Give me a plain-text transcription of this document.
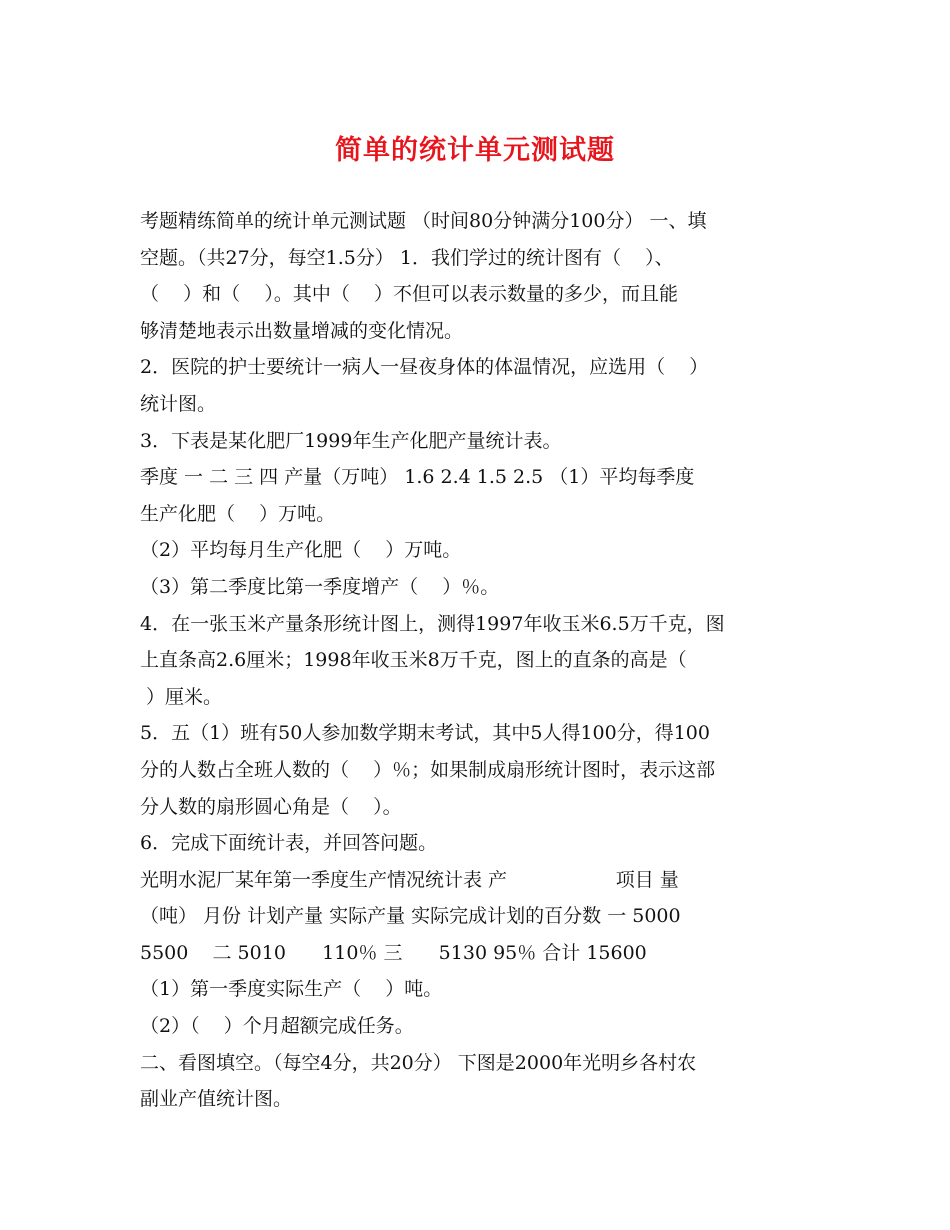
简单的统计单元测试题
考题精练简单的统计单元测试题 （时间80分钟满分100分） 一、填
空题。（共27分，每空1.5分） 1．我们学过的统计图有（    ）、
（    ）和（    ）。其中（    ）不但可以表示数量的多少，而且能
够清楚地表示出数量增减的变化情况。
2．医院的护士要统计一病人一昼夜身体的体温情况，应选用（    ）
统计图。
3．下表是某化肥厂1999年生产化肥产量统计表。
季度 一 二 三 四 产量（万吨） 1.6 2.4 1.5 2.5 （1）平均每季度
生产化肥（    ）万吨。
（2）平均每月生产化肥（    ）万吨。
（3）第二季度比第一季度增产（    ）％。
4．在一张玉米产量条形统计图上，测得1997年收玉米6.5万千克，图
上直条高2.6厘米；1998年收玉米8万千克，图上的直条的高是（
）厘米。
5．五（1）班有50人参加数学期末考试，其中5人得100分，得100
分的人数占全班人数的（    ）％；如果制成扇形统计图时，表示这部
分人数的扇形圆心角是（    ）。
6．完成下面统计表，并回答问题。
光明水泥厂某年第一季度生产情况统计表 产                  项目 量
（吨） 月份 计划产量 实际产量 实际完成计划的百分数 一 5000
5500    二 5010      110％ 三      5130 95％ 合计 15600
（1）第一季度实际生产（    ）吨。
（2）（    ）个月超额完成任务。
二、看图填空。（每空4分，共20分） 下图是2000年光明乡各村农
副业产值统计图。
